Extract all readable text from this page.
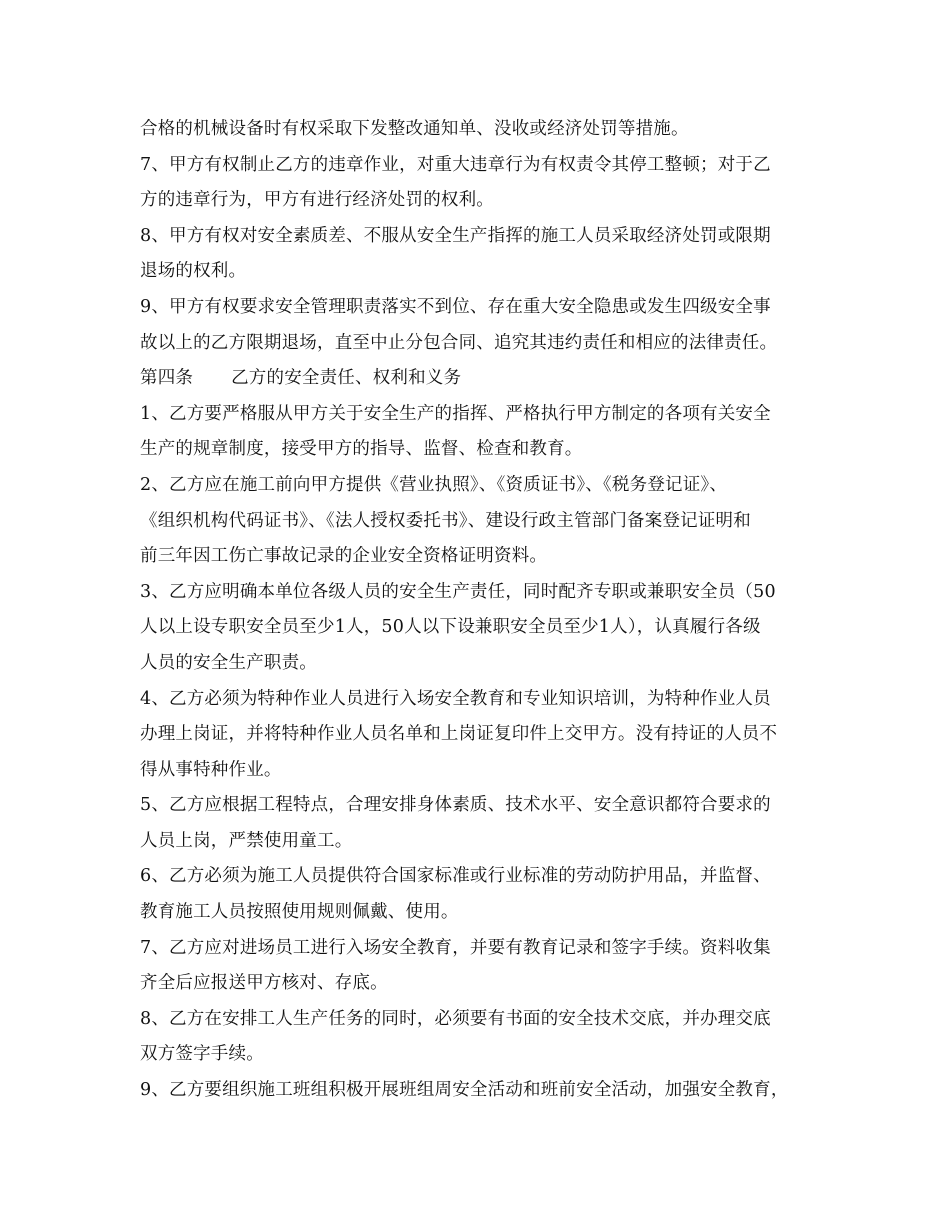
合格的机械设备时有权采取下发整改通知单、没收或经济处罚等措施。
7、甲方有权制止乙方的违章作业，对重大违章行为有权责令其停工整顿；对于乙
方的违章行为，甲方有进行经济处罚的权利。
8、甲方有权对安全素质差、不服从安全生产指挥的施工人员采取经济处罚或限期
退场的权利。
9、甲方有权要求安全管理职责落实不到位、存在重大安全隐患或发生四级安全事
故以上的乙方限期退场，直至中止分包合同、追究其违约责任和相应的法律责任。
第四条 乙方的安全责任、权利和义务
1、乙方要严格服从甲方关于安全生产的指挥、严格执行甲方制定的各项有关安全
生产的规章制度，接受甲方的指导、监督、检查和教育。
2、乙方应在施工前向甲方提供《营业执照》、《资质证书》、《税务登记证》、
《组织机构代码证书》、《法人授权委托书》、建设行政主管部门备案登记证明和
前三年因工伤亡事故记录的企业安全资格证明资料。
3、乙方应明确本单位各级人员的安全生产责任，同时配齐专职或兼职安全员（50
人以上设专职安全员至少1人，50人以下设兼职安全员至少1人），认真履行各级
人员的安全生产职责。
4、乙方必须为特种作业人员进行入场安全教育和专业知识培训，为特种作业人员
办理上岗证，并将特种作业人员名单和上岗证复印件上交甲方。没有持证的人员不
得从事特种作业。
5、乙方应根据工程特点，合理安排身体素质、技术水平、安全意识都符合要求的
人员上岗，严禁使用童工。
6、乙方必须为施工人员提供符合国家标准或行业标准的劳动防护用品，并监督、
教育施工人员按照使用规则佩戴、使用。
7、乙方应对进场员工进行入场安全教育，并要有教育记录和签字手续。资料收集
齐全后应报送甲方核对、存底。
8、乙方在安排工人生产任务的同时，必须要有书面的安全技术交底，并办理交底
双方签字手续。
9、乙方要组织施工班组积极开展班组周安全活动和班前安全活动，加强安全教育，
